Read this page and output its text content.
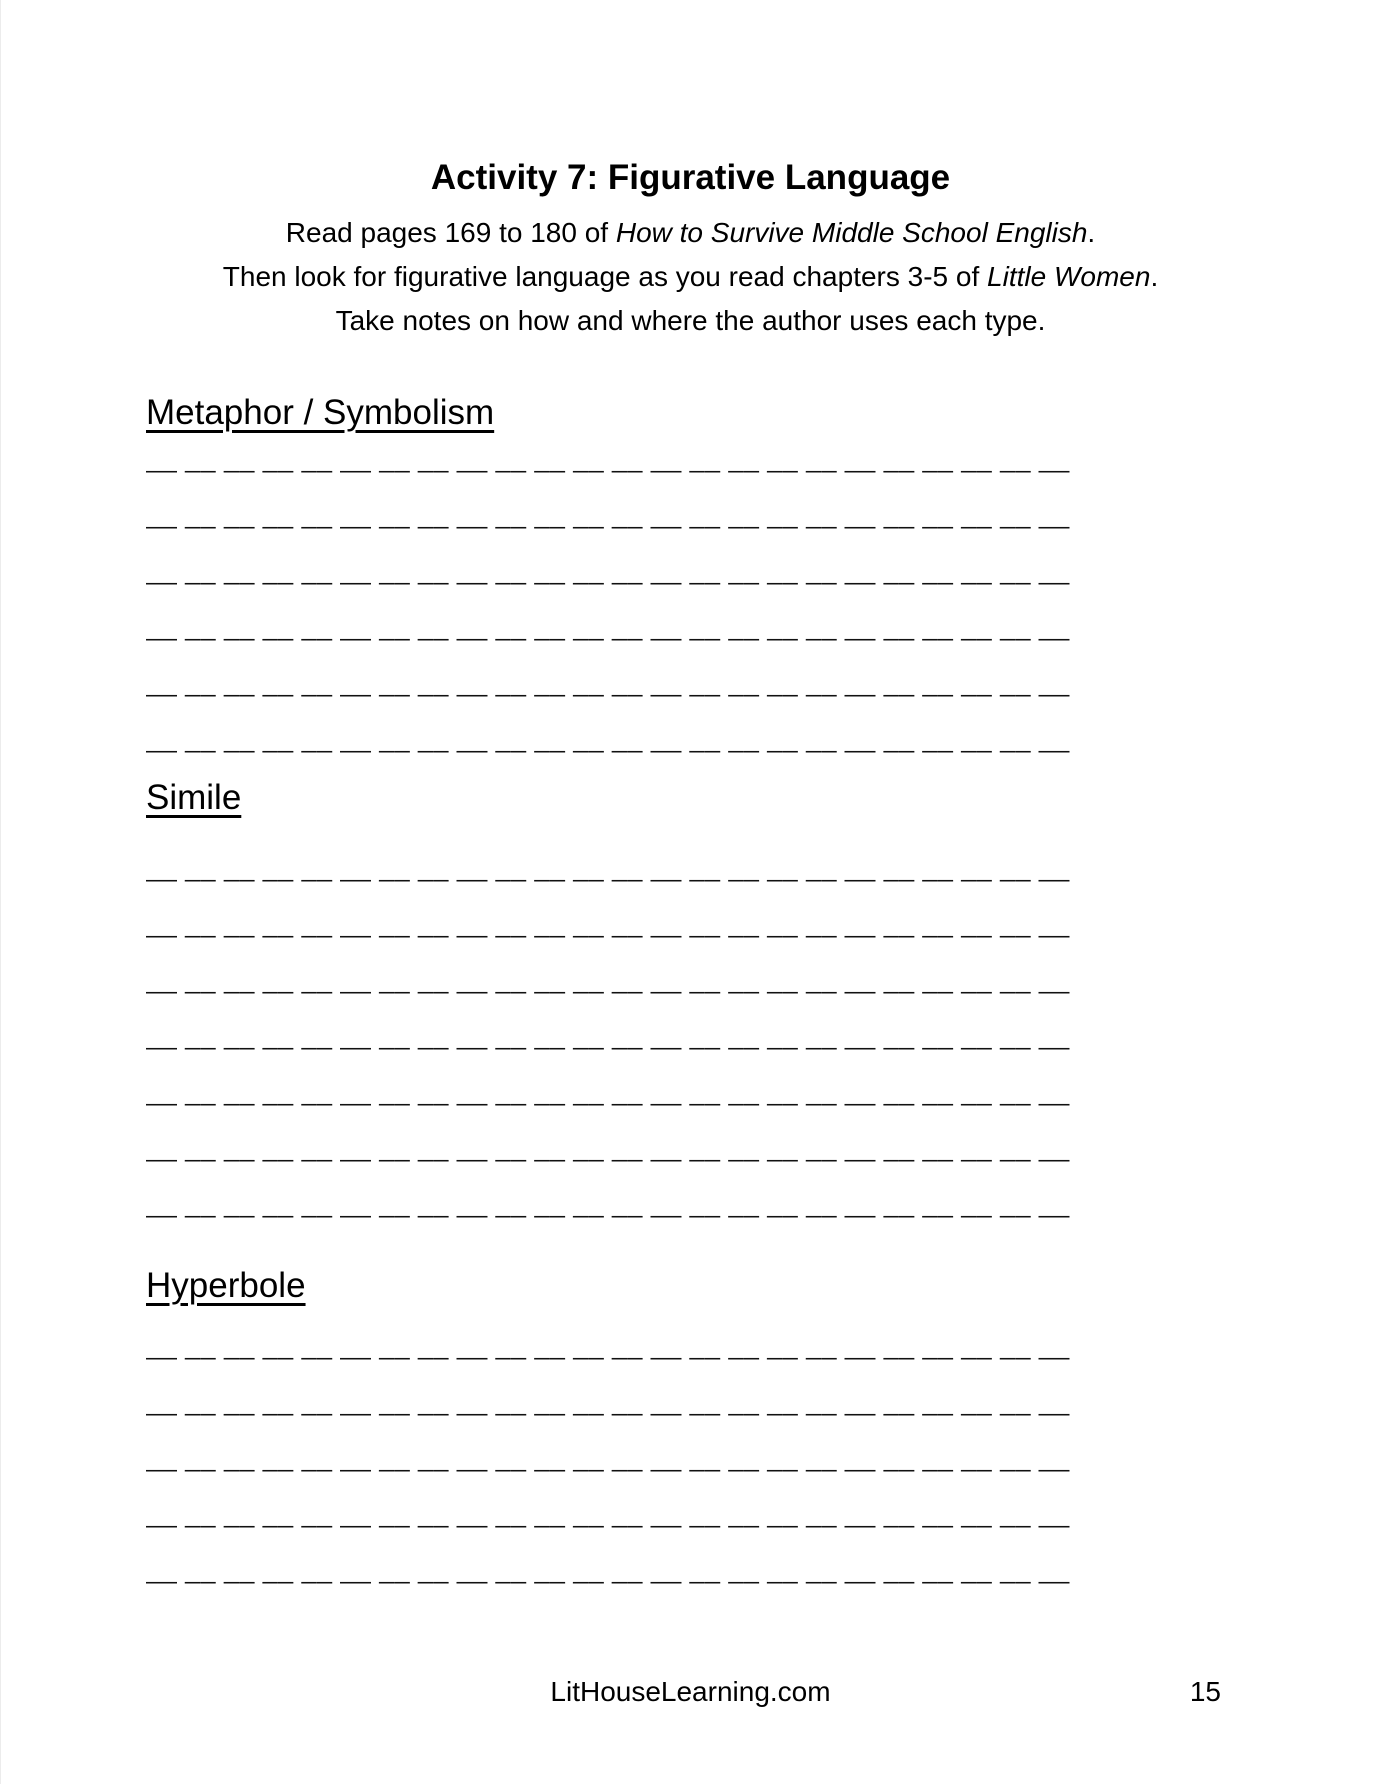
Activity 7: Figurative Language

Read pages 169 to 180 of How to Survive Middle School English.

Then look for figurative language as you read chapters 3-5 of Little Women.

Take notes on how and where the author uses each type.

Metaphor / Symbolism
—— —— —— —— —— —— —— —— —— —— —— —— —— —— —— —— —— —— —— —— —— —— —— ——
—— —— —— —— —— —— —— —— —— —— —— —— —— —— —— —— —— —— —— —— —— —— —— ——
—— —— —— —— —— —— —— —— —— —— —— —— —— —— —— —— —— —— —— —— —— —— —— ——
—— —— —— —— —— —— —— —— —— —— —— —— —— —— —— —— —— —— —— —— —— —— —— ——
—— —— —— —— —— —— —— —— —— —— —— —— —— —— —— —— —— —— —— —— —— —— —— ——
—— —— —— —— —— —— —— —— —— —— —— —— —— —— —— —— —— —— —— —— —— —— —— ——
Simile
—— —— —— —— —— —— —— —— —— —— —— —— —— —— —— —— —— —— —— —— —— —— —— ——
—— —— —— —— —— —— —— —— —— —— —— —— —— —— —— —— —— —— —— —— —— —— —— ——
—— —— —— —— —— —— —— —— —— —— —— —— —— —— —— —— —— —— —— —— —— —— —— ——
—— —— —— —— —— —— —— —— —— —— —— —— —— —— —— —— —— —— —— —— —— —— —— ——
—— —— —— —— —— —— —— —— —— —— —— —— —— —— —— —— —— —— —— —— —— —— —— ——
—— —— —— —— —— —— —— —— —— —— —— —— —— —— —— —— —— —— —— —— —— —— —— ——
—— —— —— —— —— —— —— —— —— —— —— —— —— —— —— —— —— —— —— —— —— —— —— ——
Hyperbole
—— —— —— —— —— —— —— —— —— —— —— —— —— —— —— —— —— —— —— —— —— —— —— ——
—— —— —— —— —— —— —— —— —— —— —— —— —— —— —— —— —— —— —— —— —— —— —— ——
—— —— —— —— —— —— —— —— —— —— —— —— —— —— —— —— —— —— —— —— —— —— —— ——
—— —— —— —— —— —— —— —— —— —— —— —— —— —— —— —— —— —— —— —— —— —— —— ——
—— —— —— —— —— —— —— —— —— —— —— —— —— —— —— —— —— —— —— —— —— —— —— ——
LitHouseLearning.com	15
